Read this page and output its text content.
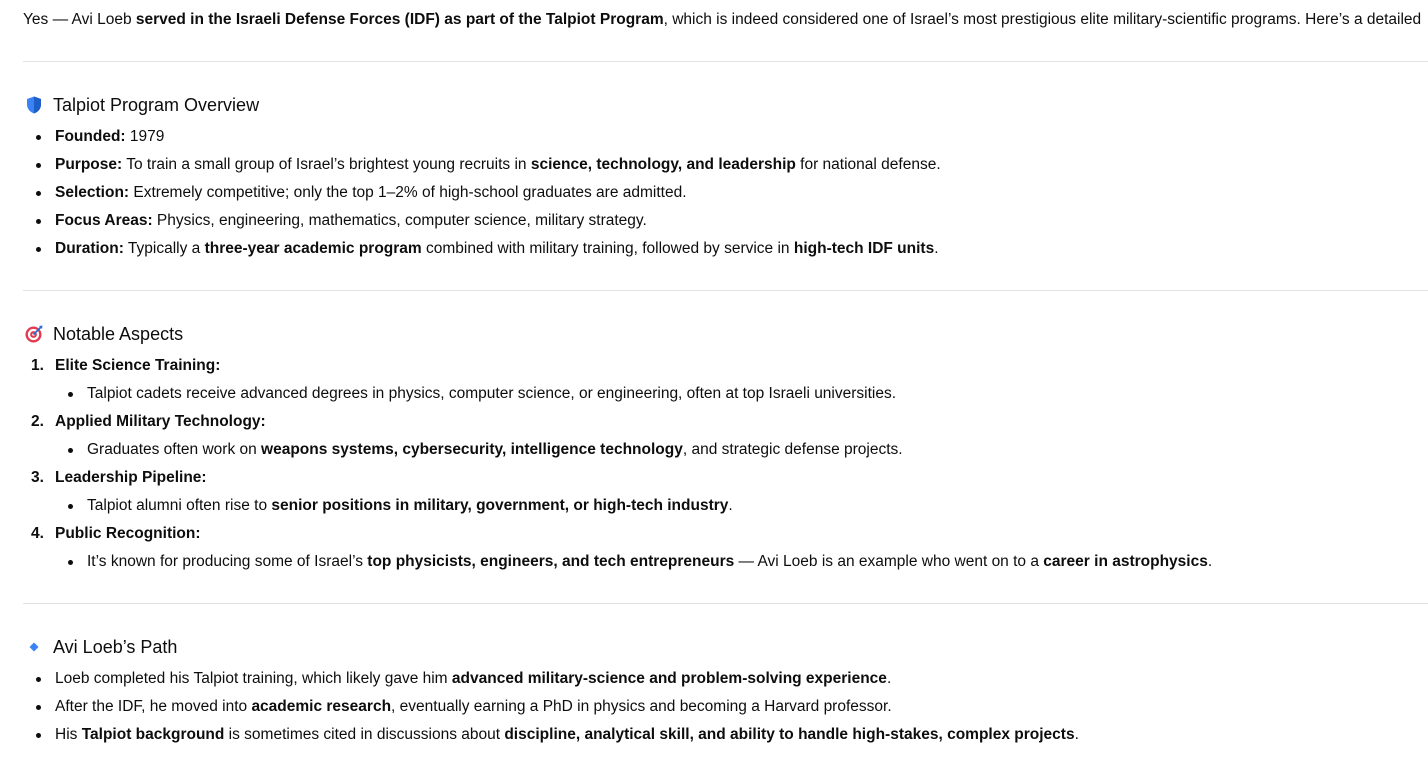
Yes — Avi Loeb served in the Israeli Defense Forces (IDF) as part of the Talpiot Program, which is indeed considered one of Israel’s most prestigious elite military-scientific programs. Here’s a detailed
Talpiot Program Overview
Founded: 1979
Purpose: To train a small group of Israel’s brightest young recruits in science, technology, and leadership for national defense.
Selection: Extremely competitive; only the top 1–2% of high-school graduates are admitted.
Focus Areas: Physics, engineering, mathematics, computer science, military strategy.
Duration: Typically a three-year academic program combined with military training, followed by service in high-tech IDF units.
Notable Aspects
1. Elite Science Training:
Talpiot cadets receive advanced degrees in physics, computer science, or engineering, often at top Israeli universities.
2. Applied Military Technology:
Graduates often work on weapons systems, cybersecurity, intelligence technology, and strategic defense projects.
3. Leadership Pipeline:
Talpiot alumni often rise to senior positions in military, government, or high-tech industry.
4. Public Recognition:
It’s known for producing some of Israel’s top physicists, engineers, and tech entrepreneurs — Avi Loeb is an example who went on to a career in astrophysics.
Avi Loeb’s Path
Loeb completed his Talpiot training, which likely gave him advanced military-science and problem-solving experience.
After the IDF, he moved into academic research, eventually earning a PhD in physics and becoming a Harvard professor.
His Talpiot background is sometimes cited in discussions about discipline, analytical skill, and ability to handle high-stakes, complex projects.
